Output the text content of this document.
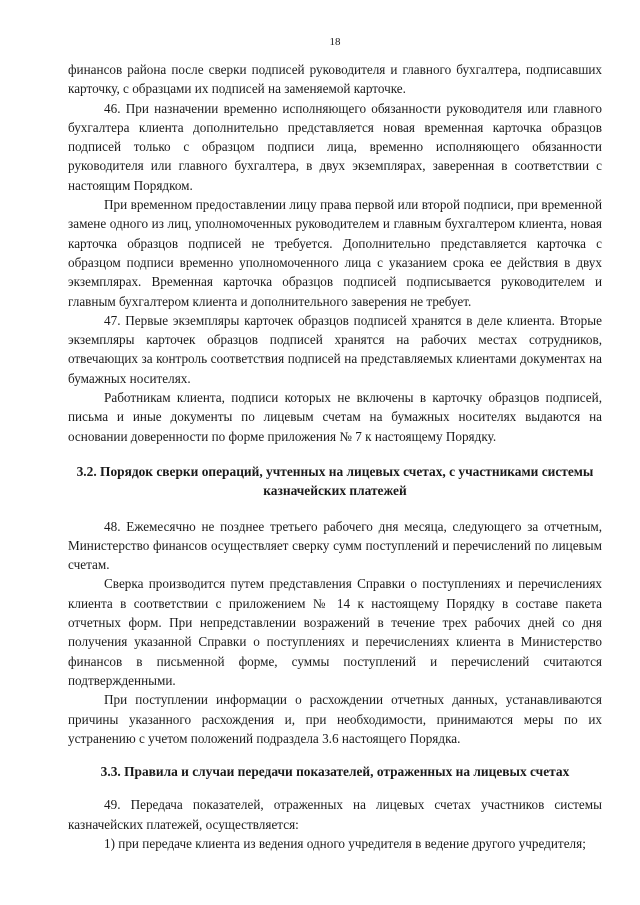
18

финансов района после сверки подписей руководителя и главного бухгалтера, подписавших карточку, с образцами их подписей на заменяемой карточке.

46. При назначении временно исполняющего обязанности руководителя или главного бухгалтера клиента дополнительно представляется новая временная карточка образцов подписей только с образцом подписи лица, временно исполняющего обязанности руководителя или главного бухгалтера, в двух экземплярах, заверенная в соответствии с настоящим Порядком.

При временном предоставлении лицу права первой или второй подписи, при временной замене одного из лиц, уполномоченных руководителем и главным бухгалтером клиента, новая карточка образцов подписей не требуется. Дополнительно представляется карточка с образцом подписи временно уполномоченного лица с указанием срока ее действия в двух экземплярах. Временная карточка образцов подписей подписывается руководителем и главным бухгалтером клиента и дополнительного заверения не требует.

47. Первые экземпляры карточек образцов подписей хранятся в деле клиента. Вторые экземпляры карточек образцов подписей хранятся на рабочих местах сотрудников, отвечающих за контроль соответствия подписей на представляемых клиентами документах на бумажных носителях.

Работникам клиента, подписи которых не включены в карточку образцов подписей, письма и иные документы по лицевым счетам на бумажных носителях выдаются на основании доверенности по форме приложения № 7 к настоящему Порядку.

3.2. Порядок сверки операций, учтенных на лицевых счетах, с участниками системы казначейских платежей

48. Ежемесячно не позднее третьего рабочего дня месяца, следующего за отчетным, Министерство финансов осуществляет сверку сумм поступлений и перечислений по лицевым счетам.

Сверка производится путем представления Справки о поступлениях и перечислениях клиента в соответствии с приложением № 14 к настоящему Порядку в составе пакета отчетных форм. При непредставлении возражений в течение трех рабочих дней со дня получения указанной Справки о поступлениях и перечислениях клиента в Министерство финансов в письменной форме, суммы поступлений и перечислений считаются подтвержденными.

При поступлении информации о расхождении отчетных данных, устанавливаются причины указанного расхождения и, при необходимости, принимаются меры по их устранению с учетом положений подраздела 3.6 настоящего Порядка.

3.3. Правила и случаи передачи показателей, отраженных на лицевых счетах

49. Передача показателей, отраженных на лицевых счетах участников системы казначейских платежей, осуществляется:

1) при передаче клиента из ведения одного учредителя в ведение другого учредителя;
